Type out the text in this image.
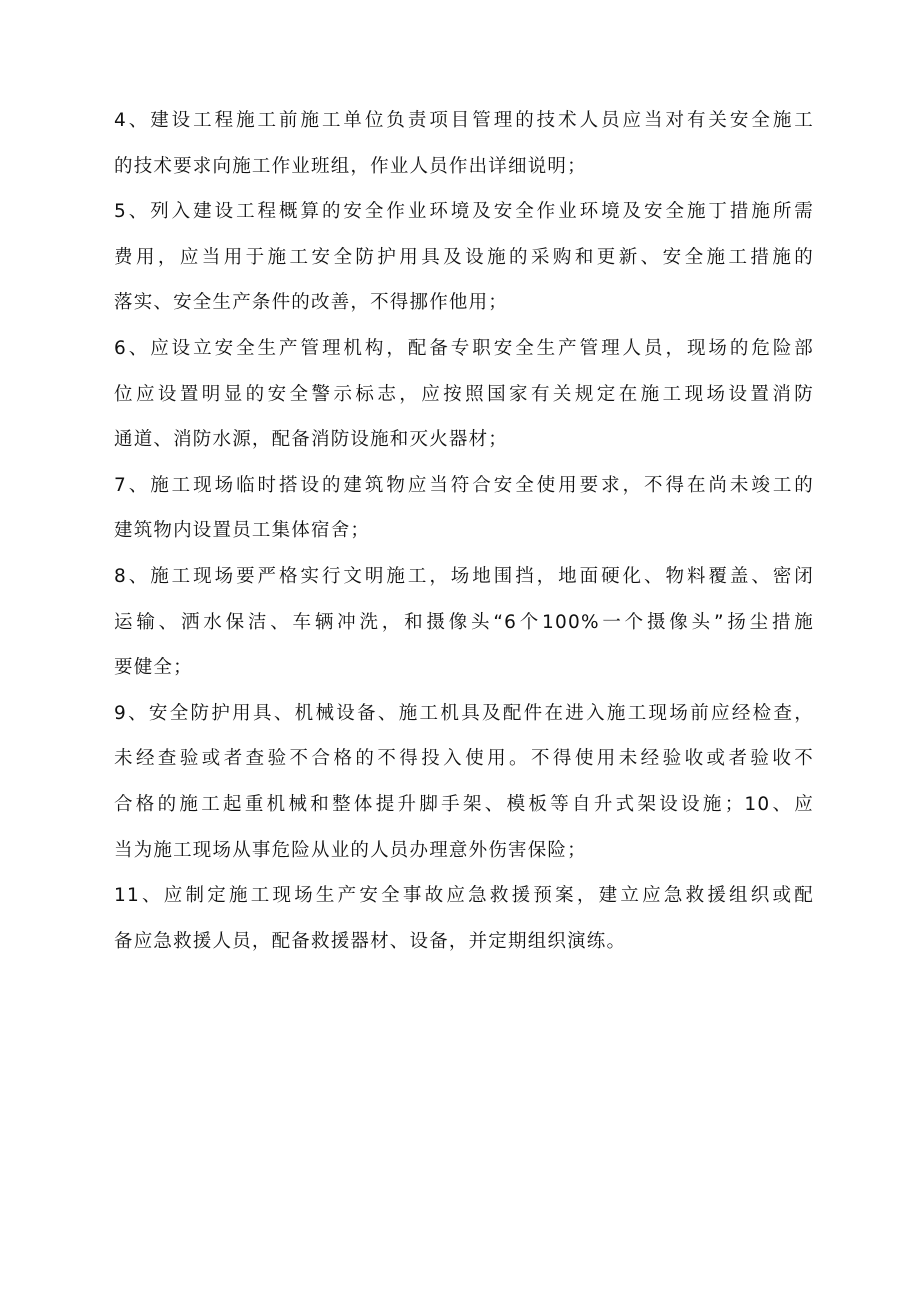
4、建设工程施工前施工单位负责项目管理的技术人员应当对有关安全施工
的技术要求向施工作业班组，作业人员作出详细说明；
5、列入建设工程概算的安全作业环境及安全作业环境及安全施丁措施所需
费用，应当用于施工安全防护用具及设施的采购和更新、安全施工措施的
落实、安全生产条件的改善，不得挪作他用；
6、应设立安全生产管理机构，配备专职安全生产管理人员，现场的危险部
位应设置明显的安全警示标志，应按照国家有关规定在施工现场设置消防
通道、消防水源，配备消防设施和灭火器材；
7、施工现场临时搭设的建筑物应当符合安全使用要求，不得在尚未竣工的
建筑物内设置员工集体宿舍；
8、施工现场要严格实行文明施工，场地围挡，地面硬化、物料覆盖、密闭
运输、洒水保洁、车辆冲洗，和摄像头“6个100%一个摄像头”扬尘措施
要健全；
9、安全防护用具、机械设备、施工机具及配件在进入施工现场前应经检查，
未经查验或者查验不合格的不得投入使用。不得使用未经验收或者验收不
合格的施工起重机械和整体提升脚手架、模板等自升式架设设施；10、应
当为施工现场从事危险从业的人员办理意外伤害保险；
11、应制定施工现场生产安全事故应急救援预案，建立应急救援组织或配
备应急救援人员，配备救援器材、设备，并定期组织演练。
